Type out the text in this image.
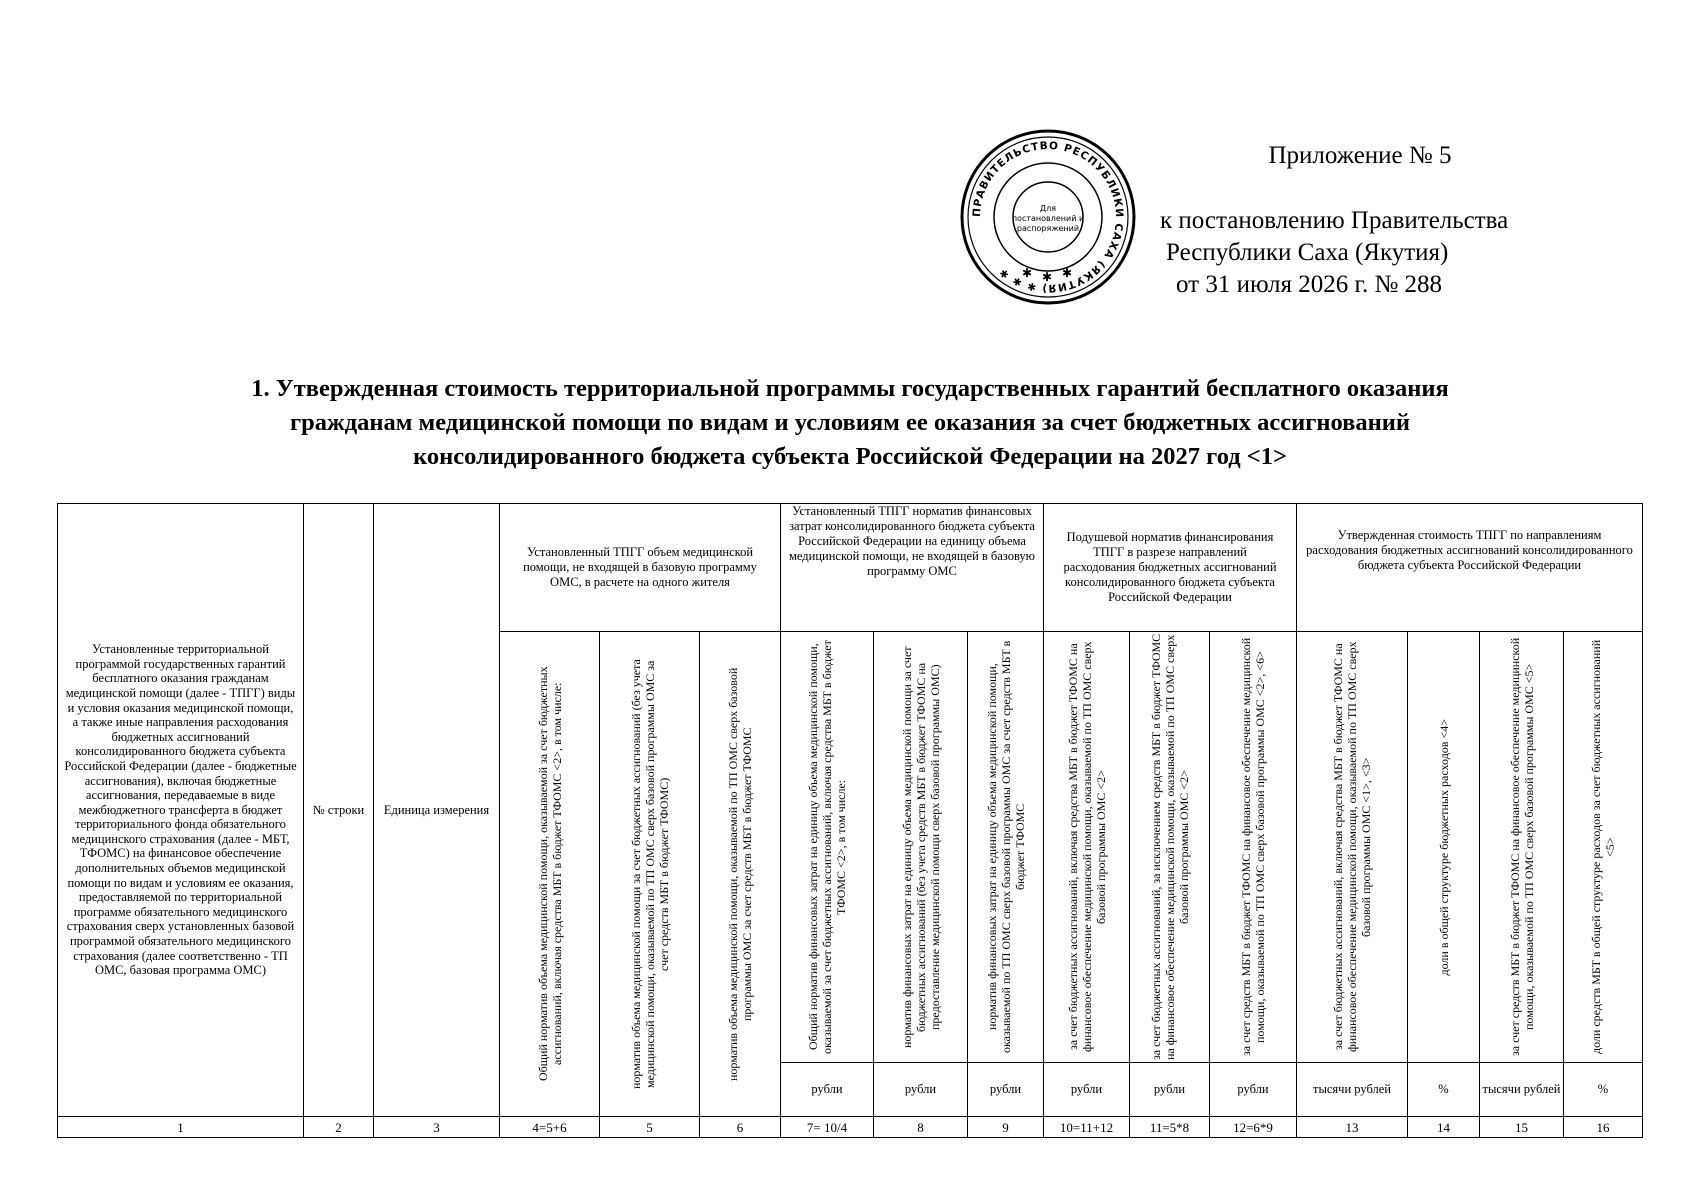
Приложение № 5
к постановлению Правительства
Республики Саха (Якутия)
от 31 июля 2026 г. № 288
ПРАВИТЕЛЬСТВО РЕСПУБЛИКИ САХА (ЯКУТИЯ) ✱ ✱ ✱
Для
постановлений и
распоряжений
✱ ✱ ✱
1. Утвержденная стоимость территориальной программы государственных гарантий бесплатного оказания
гражданам медицинской помощи по видам и условиям ее оказания за счет бюджетных ассигнований
консолидированного бюджета субъекта Российской Федерации на 2027 год <1>
Установленные территориальной программой государственных гарантий бесплатного оказания гражданам медицинской помощи (далее - ТПГГ) виды и условия оказания медицинской помощи, а также иные направления расходования бюджетных ассигнований консолидированного бюджета субъекта Российской Федерации (далее - бюджетные ассигнования), включая бюджетные ассигнования, передаваемые в виде межбюджетного трансферта в бюджет территориального фонда обязательного медицинского страхования (далее - МБТ, ТФОМС) на финансовое обеспечение дополнительных объемов медицинской помощи по видам и условиям ее оказания, предоставляемой по территориальной программе обязательного медицинского страхования сверх установленных базовой программой обязательного медицинского страхования (далее соответственно - ТП ОМС, базовая программа ОМС)	№ строки	Единица измерения	Установленный ТПГГ объем медицинской помощи, не входящей в базовую программу ОМС, в расчете на одного жителя			Установленный ТПГГ норматив финансовых затрат консолидированного бюджета субъекта Российской Федерации на единицу объема медицинской помощи, не входящей в базовую программу ОМС			Подушевой норматив финансирования ТПГГ в разрезе направлений расходования бюджетных ассигнований консолидированного бюджета субъекта Российской Федерации			Утвержденная стоимость ТПГГ по направлениям расходования бюджетных ассигнований консолидированного бюджета субъекта Российской Федерации			

			Общий норматив объема медицинской помощи, оказываемой за счет бюджетных ассигнований, включая средства МБТ в бюджет ТФОМС <2>, в том числе:	норматив объема медицинской помощи за счет бюджетных ассигнований (без учета медицинской помощи, оказываемой по ТП ОМС сверх базовой программы ОМС за счет средств МБТ в бюджет ТФОМС)	норматив объема медицинской помощи, оказываемой по ТП ОМС сверх базовой программы ОМС за счет средств МБТ в бюджет ТФОМС	Общий норматив финансовых затрат на единицу объема медицинской помощи, оказываемой за счет бюджетных ассигнований, включая средства МБТ в бюджет ТФОМС <2>, в том числе:	норматив финансовых затрат на единицу объема медицинской помощи за счет бюджетных ассигнований (без учета средств МБТ в бюджет ТФОМС на предоставление медицинской помощи сверх базовой программы ОМС)	норматив финансовых затрат на единицу объема медицинской помощи, оказываемой по ТП ОМС сверх базовой программы ОМС за счет средств МБТ в бюджет ТФОМС	за счет бюджетных ассигнований, включая средства МБТ в бюджет ТФОМС на финансовое обеспечение медицинской помощи, оказываемой по ТП ОМС сверх базовой программы ОМС <2>	за счет бюджетных ассигнований, за исключением средств МБТ в бюджет ТФОМС на финансовое обеспечение медицинской помощи, оказываемой по ТП ОМС сверх базовой программы ОМС <2>	за счет средств МБТ в бюджет ТФОМС на финансовое обеспечение медицинской помощи, оказываемой по ТП ОМС сверх базовой программы ОМС <2>, <6>	за счет бюджетных ассигнований, включая средства МБТ в бюджет ТФОМС на финансовое обеспечение медицинской помощи, оказываемой по ТП ОМС сверх базовой программы ОМС <1>, <3>	доли в общей структуре бюджетных расходов <4>	за счет средств МБТ в бюджет ТФОМС на финансовое обеспечение медицинской помощи, оказываемой по ТП ОМС сверх базовой программы ОМС <5>	доли средств МБТ в общей структуре расходов за счет бюджетных ассигнований <5>

						рубли	рубли	рубли	рубли	рубли	рубли	тысячи рублей	%	тысячи рублей	%
1	2	3	4=5+6	5	6	7= 10/4	8	9	10=11+12	11=5*8	12=6*9	13	14	15	16
